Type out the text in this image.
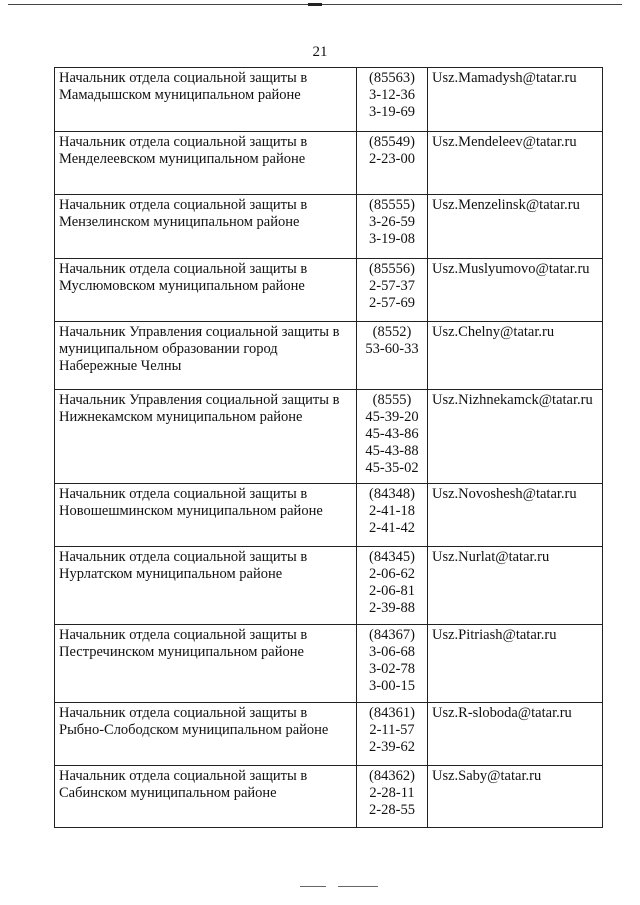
21
Начальник отдела социальной защиты в Мамадышском муниципальном районе	(85563)
3-12-36
3-19-69	Usz.Mamadysh@tatar.ru
Начальник отдела социальной защиты в Менделеевском муниципальном районе	(85549)
2-23-00	Usz.Mendeleev@tatar.ru
Начальник отдела социальной защиты в Мензелинском муниципальном районе	(85555)
3-26-59
3-19-08	Usz.Menzelinsk@tatar.ru
Начальник отдела социальной защиты в Муслюмовском муниципальном районе	(85556)
2-57-37
2-57-69	Usz.Muslyumovo@tatar.ru
Начальник Управления социальной защиты в муниципальном образовании город Набережные Челны	(8552)
53-60-33	Usz.Chelny@tatar.ru
Начальник Управления социальной защиты в Нижнекамском муниципальном районе	(8555)
45-39-20
45-43-86
45-43-88
45-35-02	Usz.Nizhnekamck@tatar.ru
Начальник отдела социальной защиты в Новошешминском муниципальном районе	(84348)
2-41-18
2-41-42	Usz.Novoshesh@tatar.ru
Начальник отдела социальной защиты в Нурлатском муниципальном районе	(84345)
2-06-62
2-06-81
2-39-88	Usz.Nurlat@tatar.ru
Начальник отдела социальной защиты в Пестречинском муниципальном районе	(84367)
3-06-68
3-02-78
3-00-15	Usz.Pitriash@tatar.ru
Начальник отдела социальной защиты в Рыбно-Слободском муниципальном районе	(84361)
2-11-57
2-39-62	Usz.R-sloboda@tatar.ru
Начальник отдела социальной защиты в Сабинском муниципальном районе	(84362)
2-28-11
2-28-55	Usz.Saby@tatar.ru
